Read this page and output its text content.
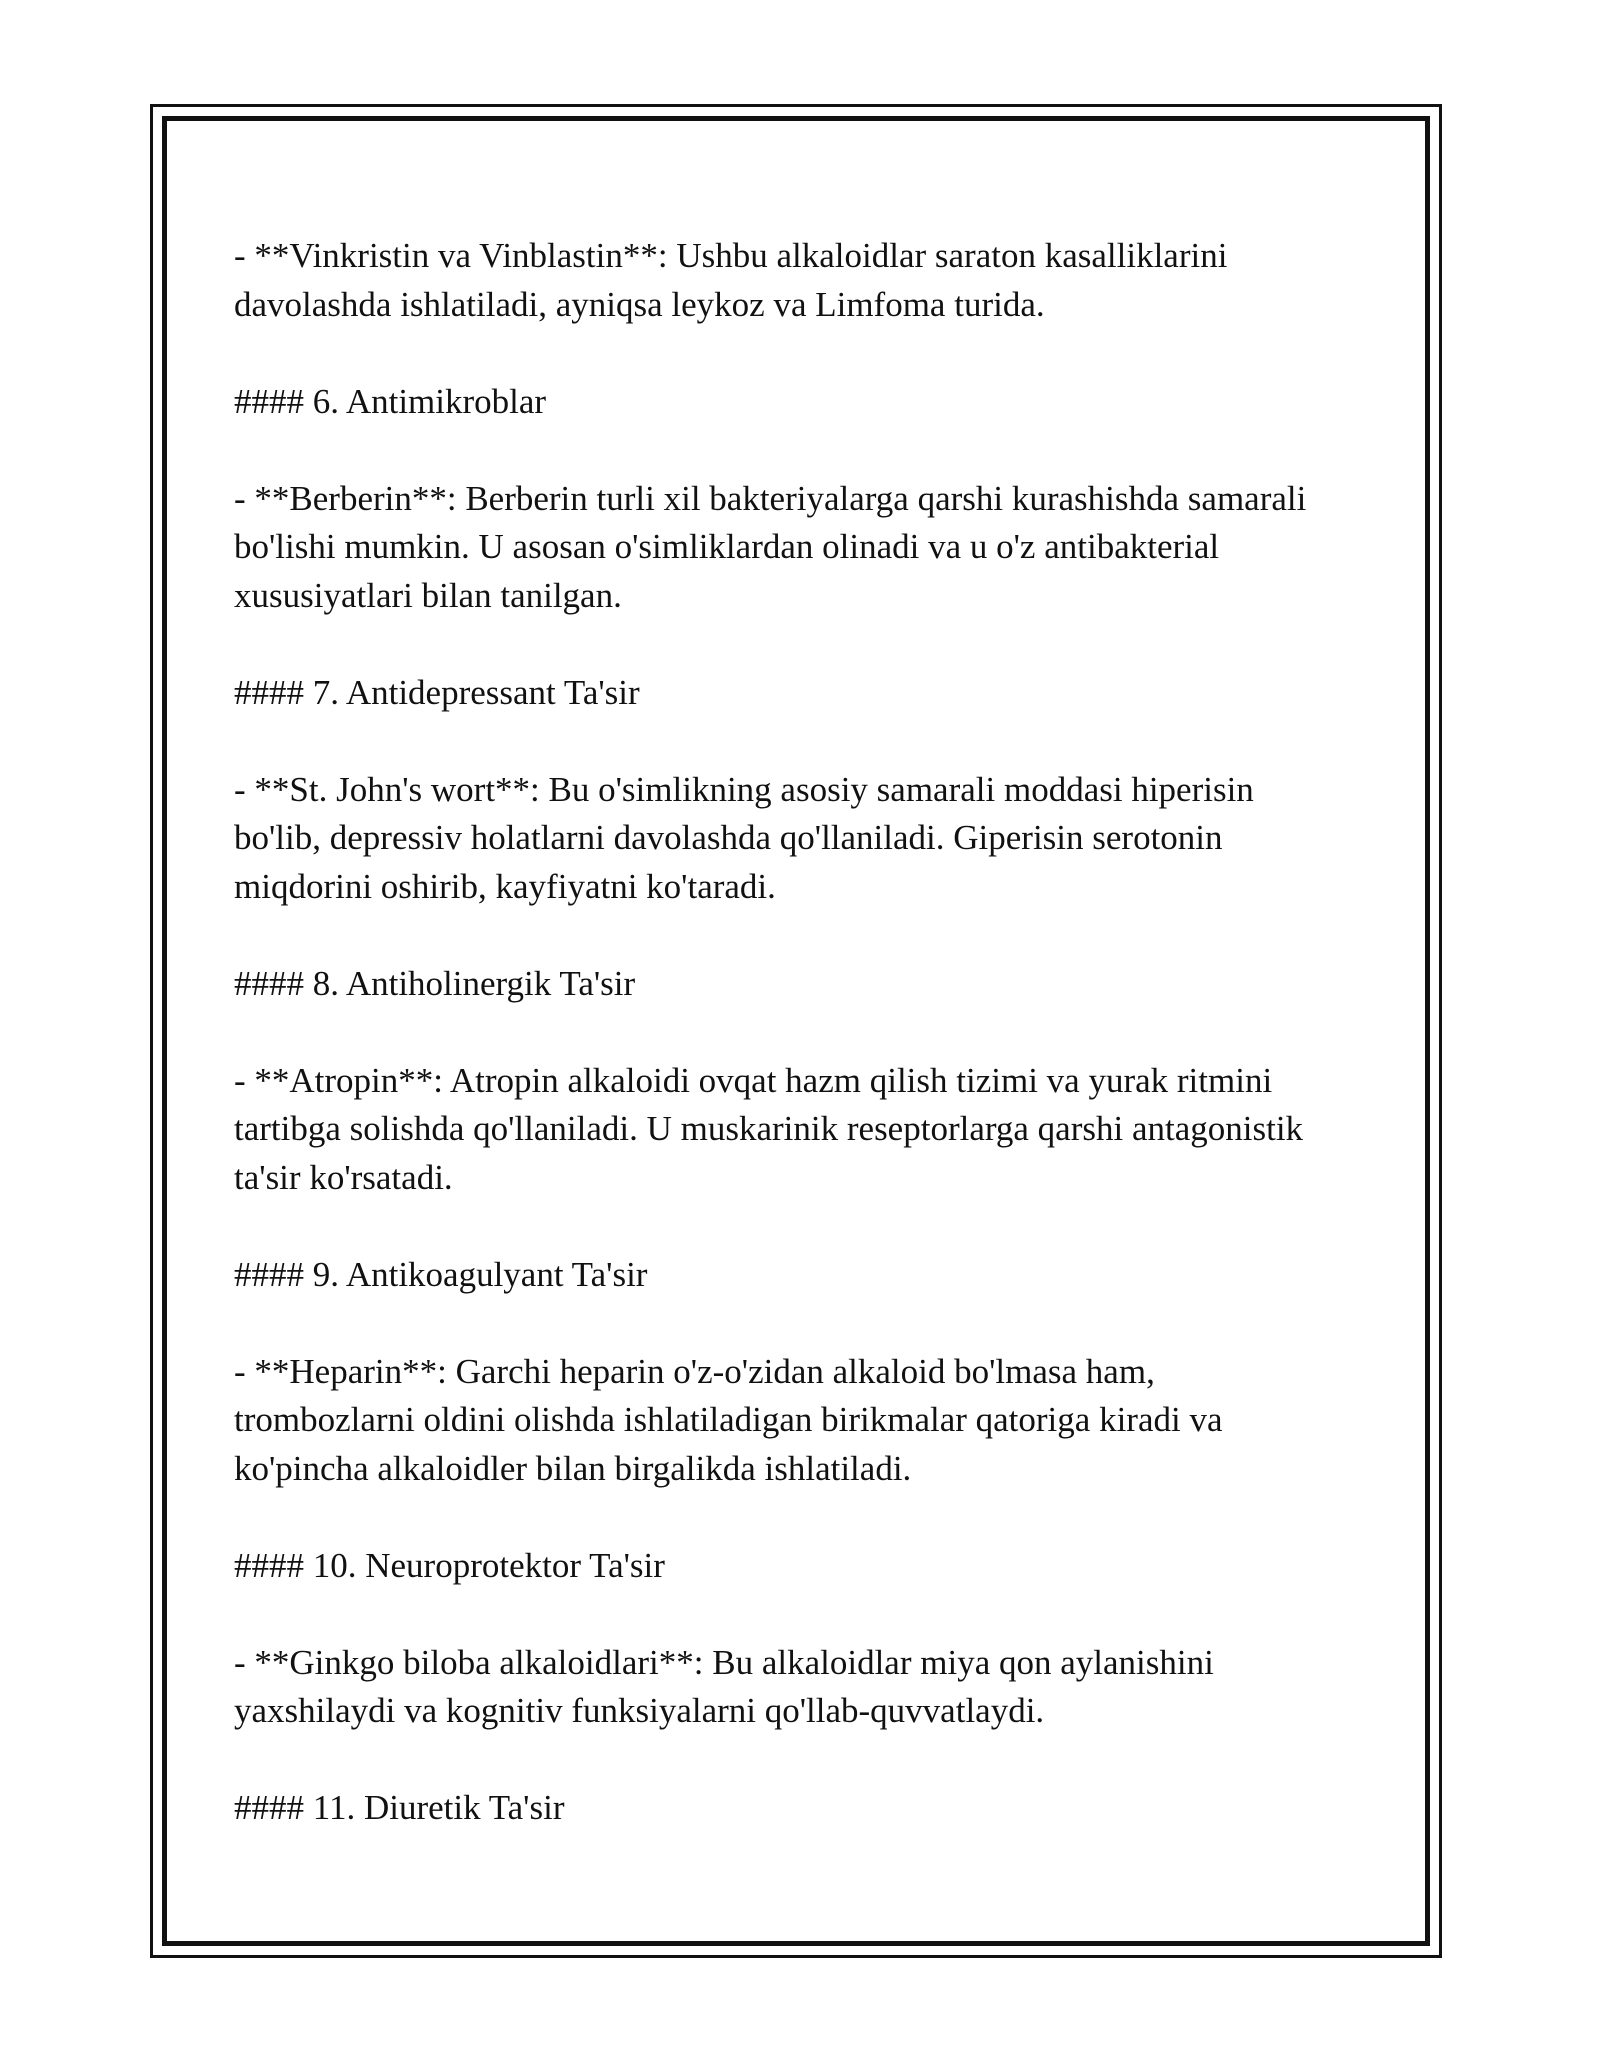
- **Vinkristin va Vinblastin**: Ushbu alkaloidlar saraton kasalliklarini
davolashda ishlatiladi, ayniqsa leykoz va Limfoma turida.
#### 6. Antimikroblar
- **Berberin**: Berberin turli xil bakteriyalarga qarshi kurashishda samarali
bo'lishi mumkin. U asosan o'simliklardan olinadi va u o'z antibakterial
xususiyatlari bilan tanilgan.
#### 7. Antidepressant Ta'sir
- **St. John's wort**: Bu o'simlikning asosiy samarali moddasi hiperisin
bo'lib, depressiv holatlarni davolashda qo'llaniladi. Giperisin serotonin
miqdorini oshirib, kayfiyatni ko'taradi.
#### 8. Antiholinergik Ta'sir
- **Atropin**: Atropin alkaloidi ovqat hazm qilish tizimi va yurak ritmini
tartibga solishda qo'llaniladi. U muskarinik reseptorlarga qarshi antagonistik
ta'sir ko'rsatadi.
#### 9. Antikoagulyant Ta'sir
- **Heparin**: Garchi heparin o'z-o'zidan alkaloid bo'lmasa ham,
trombozlarni oldini olishda ishlatiladigan birikmalar qatoriga kiradi va
ko'pincha alkaloidler bilan birgalikda ishlatiladi.
#### 10. Neuroprotektor Ta'sir
- **Ginkgo biloba alkaloidlari**: Bu alkaloidlar miya qon aylanishini
yaxshilaydi va kognitiv funksiyalarni qo'llab-quvvatlaydi.
#### 11. Diuretik Ta'sir
